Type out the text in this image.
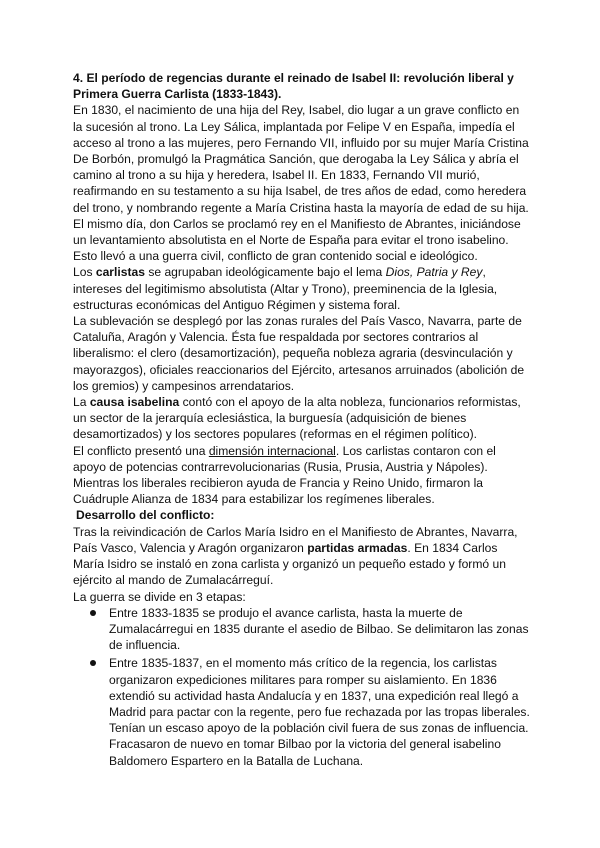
4. El período de regencias durante el reinado de Isabel II: revolución liberal y Primera Guerra Carlista (1833-1843).

En 1830, el nacimiento de una hija del Rey, Isabel, dio lugar a un grave conflicto en la sucesión al trono. La Ley Sálica, implantada por Felipe V en España, impedía el acceso al trono a las mujeres, pero Fernando VII, influido por su mujer María Cristina De Borbón, promulgó la Pragmática Sanción, que derogaba la Ley Sálica y abría el camino al trono a su hija y heredera, Isabel II. En 1833, Fernando VII murió, reafirmando en su testamento a su hija Isabel, de tres años de edad, como heredera del trono, y nombrando regente a María Cristina hasta la mayoría de edad de su hija. El mismo día, don Carlos se proclamó rey en el Manifiesto de Abrantes, iniciándose un levantamiento absolutista en el Norte de España para evitar el trono isabelino. Esto llevó a una guerra civil, conflicto de gran contenido social e ideológico.

Los carlistas se agrupaban ideológicamente bajo el lema Dios, Patria y Rey, intereses del legitimismo absolutista (Altar y Trono), preeminencia de la Iglesia, estructuras económicas del Antiguo Régimen y sistema foral.

La sublevación se desplegó por las zonas rurales del País Vasco, Navarra, parte de Cataluña, Aragón y Valencia. Ésta fue respaldada por sectores contrarios al liberalismo: el clero (desamortización), pequeña nobleza agraria (desvinculación y mayorazgos), oficiales reaccionarios del Ejército, artesanos arruinados (abolición de los gremios) y campesinos arrendatarios.

La causa isabelina contó con el apoyo de la alta nobleza, funcionarios reformistas, un sector de la jerarquía eclesiástica, la burguesía (adquisición de bienes desamortizados) y los sectores populares (reformas en el régimen político).

El conflicto presentó una dimensión internacional. Los carlistas contaron con el apoyo de potencias contrarrevolucionarias (Rusia, Prusia, Austria y Nápoles). Mientras los liberales recibieron ayuda de Francia y Reino Unido, firmaron la Cuádruple Alianza de 1834 para estabilizar los regímenes liberales.

Desarrollo del conflicto:

Tras la reivindicación de Carlos María Isidro en el Manifiesto de Abrantes, Navarra, País Vasco, Valencia y Aragón organizaron partidas armadas. En 1834 Carlos María Isidro se instaló en zona carlista y organizó un pequeño estado y formó un ejército al mando de Zumalacárreguí.

La guerra se divide en 3 etapas:

Entre 1833-1835 se produjo el avance carlista, hasta la muerte de Zumalacárregui en 1835 durante el asedio de Bilbao. Se delimitaron las zonas de influencia.
Entre 1835-1837, en el momento más crítico de la regencia, los carlistas organizaron expediciones militares para romper su aislamiento. En 1836 extendió su actividad hasta Andalucía y en 1837, una expedición real llegó a Madrid para pactar con la regente, pero fue rechazada por las tropas liberales. Tenían un escaso apoyo de la población civil fuera de sus zonas de influencia. Fracasaron de nuevo en tomar Bilbao por la victoria del general isabelino Baldomero Espartero en la Batalla de Luchana.
